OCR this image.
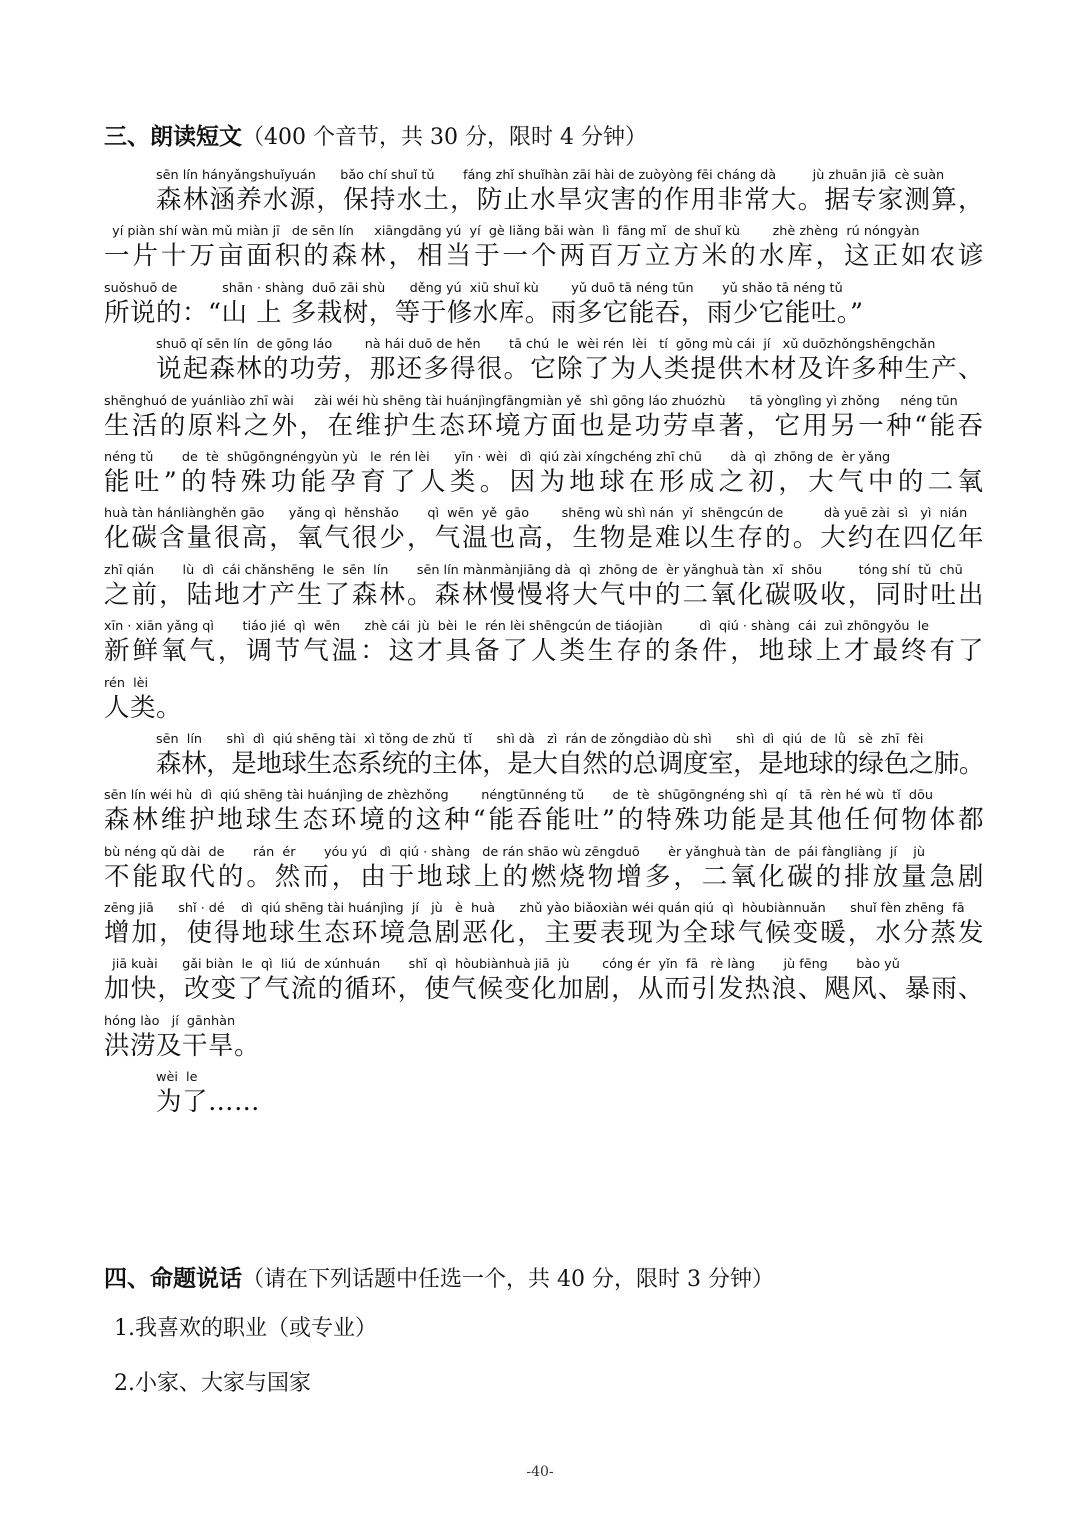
三、朗读短文（400 个音节，共 30 分，限时 4 分钟）
sēn lín hányǎngshuǐyuán      bǎo chí shuǐ tǔ       fáng zhǐ shuǐhàn zāi hài de zuòyòng fēi cháng dà         jù zhuān jiā  cè suàn
森林涵养水源，保持水土，防止水旱灾害的作用非常大。据专家测算，
yí piàn shí wàn mǔ miàn jī   de sēn lín     xiāngdāng yú  yí  gè liǎng bǎi wàn  lì  fāng mǐ  de shuǐ kù        zhè zhèng  rú nóngyàn
一片十万亩面积的森林，相当于一个两百万立方米的水库，这正如农谚
suǒshuō de           shān · shàng  duō zāi shù      děng yú  xiū shuǐ kù        yǔ duō tā néng tūn       yǔ shǎo tā néng tǔ
所说的：“山 上 多栽树，等于修水库。雨多它能吞，雨少它能吐。”
shuō qǐ sēn lín  de gōng láo        nà hái duō de hěn       tā chú  le  wèi rén  lèi   tí  gōng mù cái  jí   xǔ duōzhǒngshēngchǎn
说起森林的功劳，那还多得很。它除了为人类提供木材及许多种生产、
shēnghuó de yuánliào zhī wài     zài wéi hù shēng tài huánjìngfāngmiàn yě  shì gōng láo zhuózhù      tā yònglìng yì zhǒng     néng tūn
生活的原料之外，在维护生态环境方面也是功劳卓著，它用另一种“能吞
néng tǔ       de  tè  shūgōngnéngyùn yù   le  rén lèi      yīn · wèi   dì  qiú zài xíngchéng zhī chū       dà  qì  zhōng de  èr yǎng
能吐”的特殊功能孕育了人类。因为地球在形成之初，大气中的二氧
huà tàn hánliànghěn gāo      yǎng qì  hěnshǎo       qì  wēn  yě  gāo        shēng wù shì nán  yǐ  shēngcún de          dà yuē zài  sì   yì  nián
化碳含量很高，氧气很少，气温也高，生物是难以生存的。大约在四亿年
zhī qián       lù  dì  cái chǎnshēng  le  sēn  lín       sēn lín mànmànjiāng dà  qì  zhōng de  èr yǎnghuà tàn  xī  shōu         tóng shí  tǔ  chū
之前，陆地才产生了森林。森林慢慢将大气中的二氧化碳吸收，同时吐出
xīn · xiān yǎng qì       tiáo jié  qì  wēn      zhè cái  jù  bèi  le  rén lèi shēngcún de tiáojiàn         dì  qiú · shàng  cái  zuì zhōngyǒu  le
新鲜氧气，调节气温：这才具备了人类生存的条件，地球上才最终有了
rén  lèi
人类。
sēn  lín      shì  dì  qiú shēng tài  xì tǒng de zhǔ  tǐ      shì dà   zì  rán de zǒngdiào dù shì      shì  dì  qiú  de  lǜ   sè  zhī  fèi
森林，是地球生态系统的主体，是大自然的总调度室，是地球的绿色之肺。
sēn lín wéi hù  dì  qiú shēng tài huánjìng de zhèzhǒng        néngtūnnéng tǔ       de  tè  shūgōngnéng shì  qí   tā  rèn hé wù  tǐ  dōu
森林维护地球生态环境的这种“能吞能吐”的特殊功能是其他任何物体都
bù néng qǔ dài  de       rán  ér       yóu yú   dì  qiú · shàng   de rán shāo wù zēngduō       èr yǎnghuà tàn  de  pái fàngliàng  jí    jù
不能取代的。然而，由于地球上的燃烧物增多，二氧化碳的排放量急剧
zēng jiā      shǐ · dé    dì  qiú shēng tài huánjìng  jí   jù   è  huà      zhǔ yào biǎoxiàn wéi quán qiú  qì  hòubiànnuǎn      shuǐ fèn zhēng  fā
增加，使得地球生态环境急剧恶化，主要表现为全球气候变暖，水分蒸发
jiā kuài      gǎi biàn  le  qì  liú  de xúnhuán       shǐ  qì  hòubiànhuà jiā  jù        cóng ér  yǐn  fā   rè làng       jù fēng       bào yǔ
加快，改变了气流的循环，使气候变化加剧，从而引发热浪、飓风、暴雨、
hóng lào   jí  gānhàn
洪涝及干旱。
wèi  le
为了……
四、命题说话（请在下列话题中任选一个，共 40 分，限时 3 分钟）
1.我喜欢的职业（或专业）
2.小家、大家与国家
-40-
